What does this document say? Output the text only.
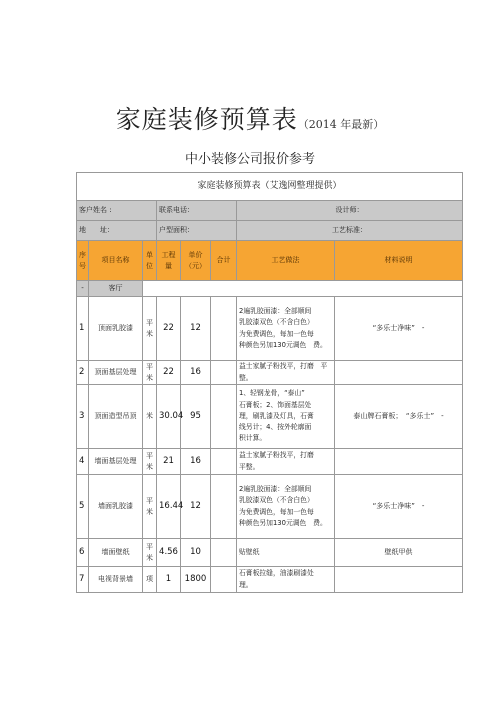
家庭装修预算表（2014 年最新）
中小装修公司报价参考
家庭装修预算表（艾逸网整理提供）							
客户姓名 :			联系电话：			设计师：	
地　　址：			户型面积：			工艺标准：	
序号	项目名称	单位	工程量	单价（元）	合计	工艺做法	材料说明
-	客厅						
1	顶面乳胶漆	平米	22	12		2遍乳胶面漆：全部顺间
乳胶漆双色（不含白色）
为免费调色，每加一色每
种颜色另加130元调色　费。	“多乐士净味”　-
2	顶面基层处理	平米	22	16		益士家腻子粉找平，打磨　平整。	

3	顶面造型吊顶	米	30.04	95		1、轻钢龙骨，“泰山”
石膏板；2、饰面基层处
理，刷乳漆及灯具，石膏
线另计；4、按外轮廓面
积计算。	泰山牌石膏板；　“多乐士”　-
4	墙面基层处理	平米	21	16		益士家腻子粉找平，打磨
平整。	

5	墙面乳胶漆	平米	16.44	12		2遍乳胶面漆：全部顺间
乳胶漆双色（不含白色）
为免费调色，每加一色每
种颜色另加130元调色　费。	“多乐士净味”　-
6	墙面壁纸	平米	4.56	10		贴壁纸	壁纸甲供
7	电视背景墙	项	1	1800		石膏板拉缝，油漆刷漆处　理。	
